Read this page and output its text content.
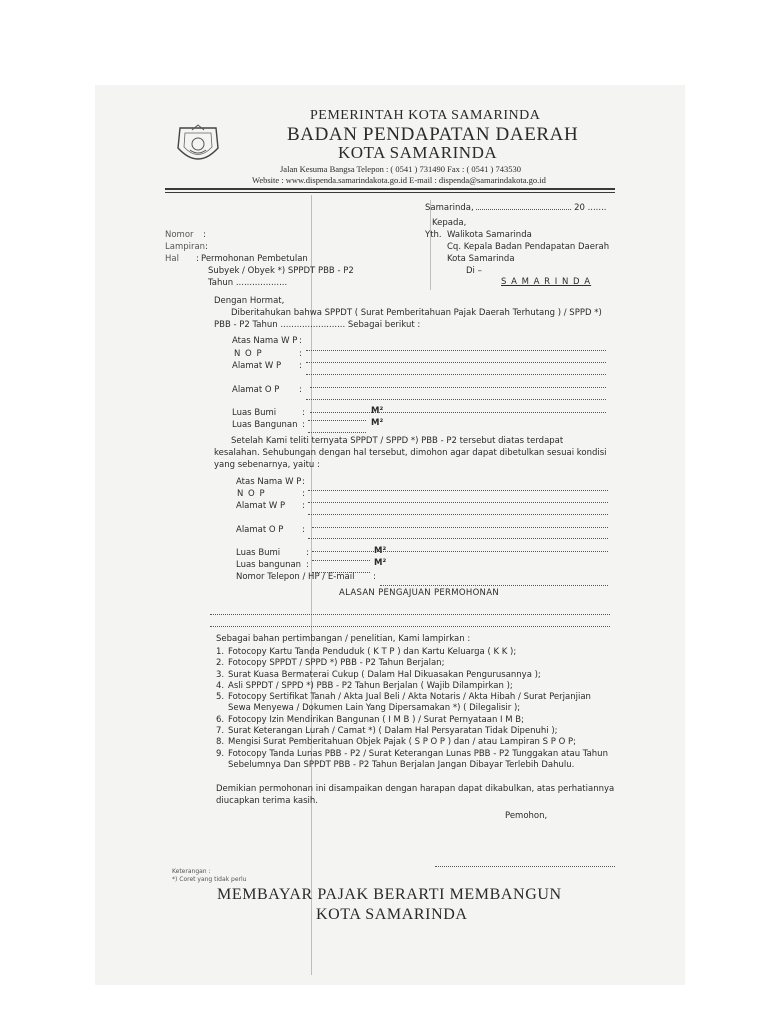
PEMERINTAH KOTA SAMARINDA
BADAN PENDAPATAN DAERAH
KOTA SAMARINDA
Jalan Kesuma Bangsa Telepon : ( 0541 ) 731490 Fax : ( 0541 ) 743530
Website : www.dispenda.samarindakota.go.id E-mail : dispenda@samarindakota.go.id
Samarinda,	20 .......
Kepada,
Yth. Walikota Samarinda
Cq. Kepala Badan Pendapatan Daerah
Kota Samarinda
Di –
S A M A R I N D A
Nomor :
Lampiran :
Hal : Permohonan Pembetulan
Subyek / Obyek *) SPPDT PBB - P2
Tahun ...................
Dengan Hormat,
Diberitahukan bahwa SPPDT ( Surat Pemberitahuan Pajak Daerah Terhutang ) / SPPD *)
PBB - P2 Tahun ........................ Sebagai berikut :
Atas Nama W P :
N O P	:
Alamat W P :
Alamat O P :
Luas Bumi	:	M²
Luas Bangunan :	M²
Setelah Kami teliti ternyata SPPDT / SPPD *) PBB - P2 tersebut diatas terdapat
kesalahan. Sehubungan dengan hal tersebut, dimohon agar dapat dibetulkan sesuai kondisi
yang sebenarnya, yaitu :
Atas Nama W P :
N O P	:
Alamat W P :
Alamat O P :
Luas Bumi	:	M²
Luas bangunan :	M²
Nomor Telepon / HP / E-mail :
ALASAN PENGAJUAN PERMOHONAN
Sebagai bahan pertimbangan / penelitian, Kami lampirkan :
1. Fotocopy Kartu Tanda Penduduk ( K T P ) dan Kartu Keluarga ( K K );
2. Fotocopy SPPDT / SPPD *) PBB - P2 Tahun Berjalan;
3. Surat Kuasa Bermaterai Cukup ( Dalam Hal Dikuasakan Pengurusannya );
4. Asli SPPDT / SPPD *) PBB - P2 Tahun Berjalan ( Wajib Dilampirkan );
5. Fotocopy Sertifikat Tanah / Akta Jual Beli / Akta Notaris / Akta Hibah / Surat Perjanjian
Sewa Menyewa / Dokumen Lain Yang Dipersamakan *) ( Dilegalisir );
6. Fotocopy Izin Mendirikan Bangunan ( I M B ) / Surat Pernyataan I M B;
7. Surat Keterangan Lurah / Camat *) ( Dalam Hal Persyaratan Tidak Dipenuhi );
8. Mengisi Surat Pemberitahuan Objek Pajak ( S P O P ) dan / atau Lampiran S P O P;
9. Fotocopy Tanda Lunas PBB - P2 / Surat Keterangan Lunas PBB - P2 Tunggakan atau Tahun
Sebelumnya Dan SPPDT PBB - P2 Tahun Berjalan Jangan Dibayar Terlebih Dahulu.
Demikian permohonan ini disampaikan dengan harapan dapat dikabulkan, atas perhatiannya
diucapkan terima kasih.
Pemohon,
Keterangan :
*) Coret yang tidak perlu
MEMBAYAR PAJAK BERARTI MEMBANGUN
KOTA SAMARINDA
